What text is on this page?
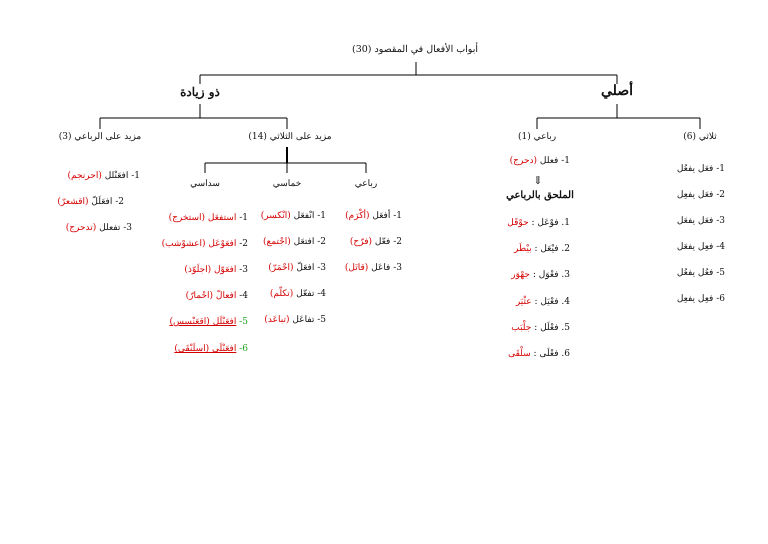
أبواب الأفعال في المقصود (30)
أصلي
ذو زيادة
ثلاثي (6)
1- فعَل يفعُل
2- فعَل يفعِل
3- فعَل يفعَل
4- فعِل يفعَل
5- فعُل يفعُل
6- فعِل يفعِل
رباعي (1)
1- فعلل (دحرج)
⇓
الملحق بالرباعي
1. فوْعَل : حوْقَل
2. فيْعَل : بيْطَر
3. فعْوَل : جهْوَر
4. فعْيَل : عثْيَر
5. فعْلَل : جلْبَب
6. فعْلَى : سلْقَى
مزيد على الثلاثي (14)
رباعي
خماسي
سداسي
1- أفعَل (أكْرَم)
2- فعّل (فرّح)
3- فاعَل (قاتَل)
1- انْفعَل (انْكسر)
2- افتعَل (اجْتمع)
3- افعَلّ (احْمَرّ)
4- تفعّل (تكلّم)
5- تفاعَل (تباعَد)
1- استفعَل (استخرج)
2- افعَوْعَل (اعشوْشب)
3- افعَوّل (اجلَوّذ)
4- افعالّ (احْمارّ)
5- افعَنْلَل (اقعَنْسس)
6- افعَنْلَى (اسلَنْقَى)
مزيد على الرباعي (3)
1- افعَنْلل (احرنجم)
2- افعَلَلّ (اقشعرّ)
3- تفعلل (تدحرج)
